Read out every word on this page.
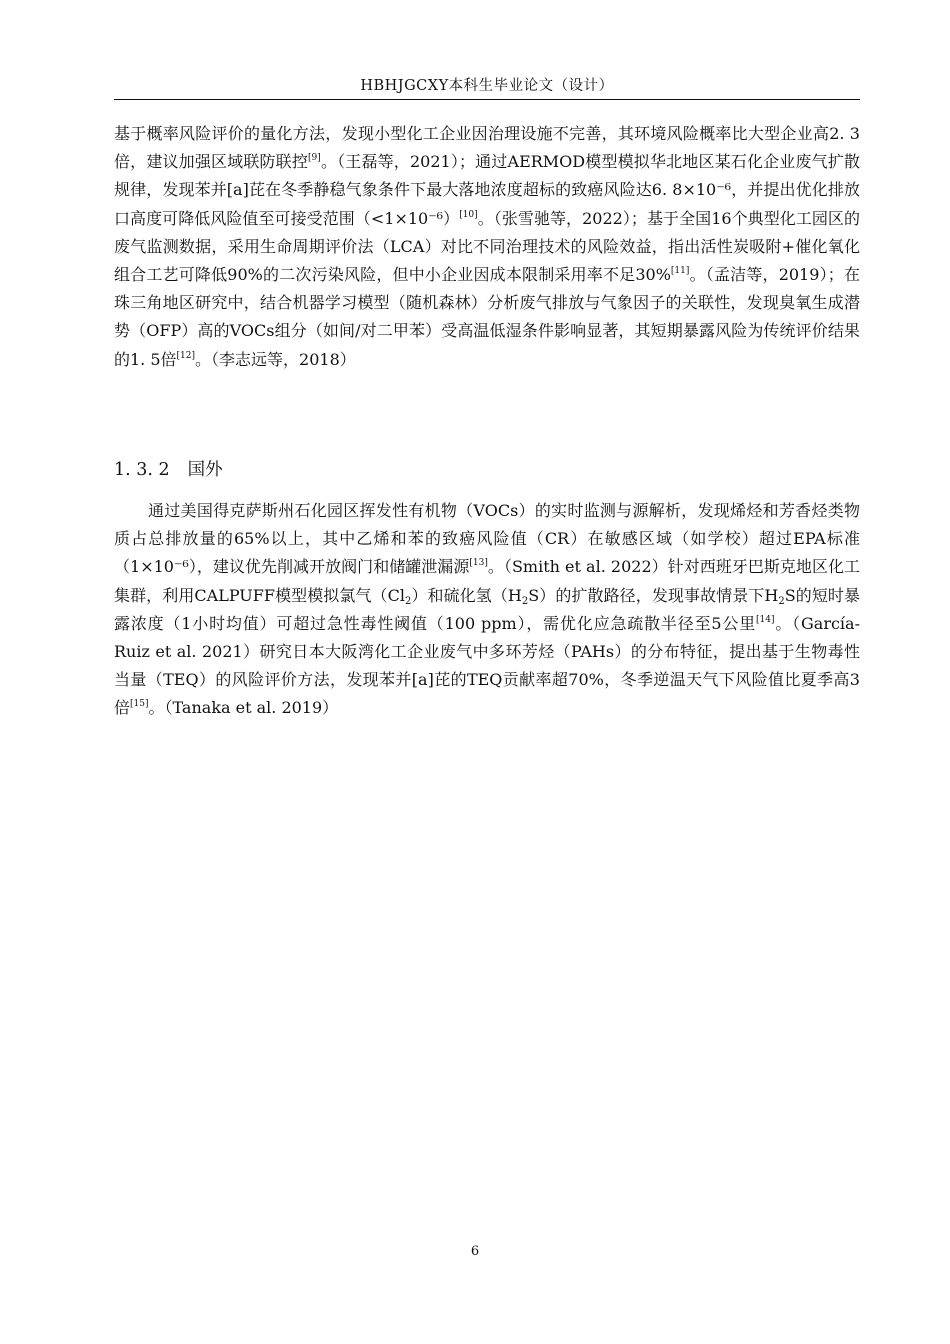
HBHJGCXY本科生毕业论文（设计）

基于概率风险评价的量化方法，发现小型化工企业因治理设施不完善，其环境风险概率比大型企业高2. 3倍，建议加强区域联防联控[9]。（王磊等，2021）；通过AERMOD模型模拟华北地区某石化企业废气扩散规律，发现苯并[a]芘在冬季静稳气象条件下最大落地浓度超标的致癌风险达6. 8×10⁻⁶，并提出优化排放口高度可降低风险值至可接受范围（<1×10⁻⁶）[10]。（张雪驰等，2022）；基于全国16个典型化工园区的废气监测数据，采用生命周期评价法（LCA）对比不同治理技术的风险效益，指出活性炭吸附+催化氧化组合工艺可降低90%的二次污染风险，但中小企业因成本限制采用率不足30%[11]。（孟洁等，2019）；在珠三角地区研究中，结合机器学习模型（随机森林）分析废气排放与气象因子的关联性，发现臭氧生成潜势（OFP）高的VOCs组分（如间/对二甲苯）受高温低湿条件影响显著，其短期暴露风险为传统评价结果的1. 5倍[12]。（李志远等，2018）

1. 3. 2 国外

通过美国得克萨斯州石化园区挥发性有机物（VOCs）的实时监测与源解析，发现烯烃和芳香烃类物质占总排放量的65%以上，其中乙烯和苯的致癌风险值（CR）在敏感区域（如学校）超过EPA标准（1×10⁻⁶），建议优先削减开放阀门和储罐泄漏源[13]。（Smith et al. 2022）针对西班牙巴斯克地区化工集群，利用CALPUFF模型模拟氯气$(Cl_2)$和硫化氢$(H_2S)$的扩散路径，发现事故情景下$H_2S$的短时暴露浓度（1小时均值）可超过急性毒性阈值（100 ppm），需优化应急疏散半径至5公里[14]。（García-Ruiz et al. 2021）研究日本大阪湾化工企业废气中多环芳烃（PAHs）的分布特征，提出基于生物毒性当量（TEQ）的风险评价方法，发现苯并[a]芘的TEQ贡献率超70%，冬季逆温天气下风险值比夏季高3倍[15]。（Tanaka et al. 2019）

6
